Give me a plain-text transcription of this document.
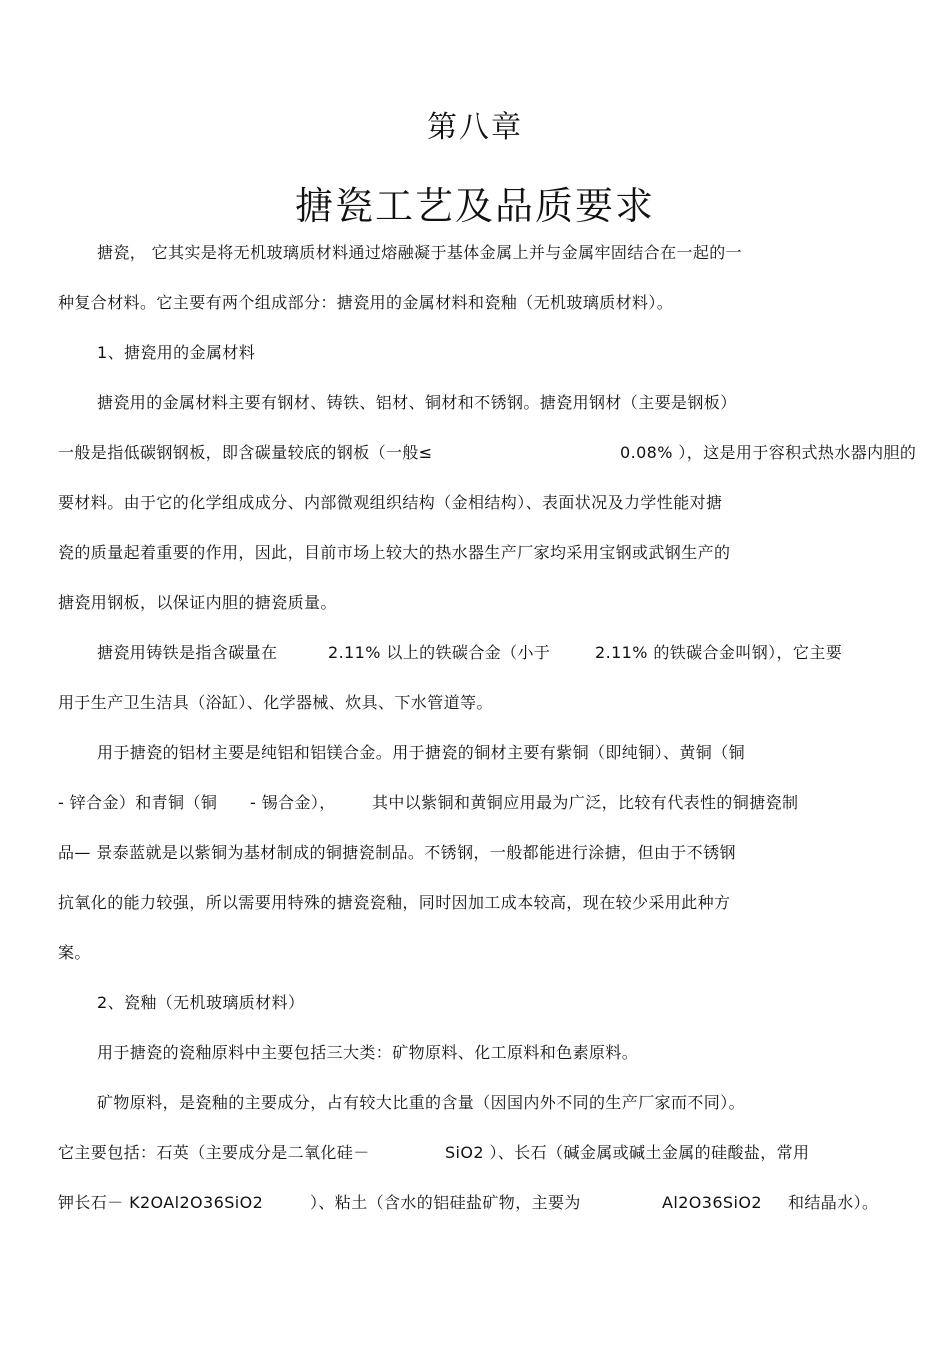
第八章
搪瓷工艺及品质要求
搪瓷， 它其实是将无机玻璃质材料通过熔融凝于基体金属上并与金属牢固结合在一起的一
种复合材料。它主要有两个组成部分：搪瓷用的金属材料和瓷釉（无机玻璃质材料）。
1、搪瓷用的金属材料
搪瓷用的金属材料主要有钢材、铸铁、铝材、铜材和不锈钢。搪瓷用钢材（主要是钢板）
一般是指低碳钢钢板，即含碳量较底的钢板（一般≤	0.08% ），这是用于容积式热水器内胆的
要材料。由于它的化学组成成分、内部微观组织结构（金相结构）、表面状况及力学性能对搪
瓷的质量起着重要的作用，因此，目前市场上较大的热水器生产厂家均采用宝钢或武钢生产的
搪瓷用钢板，以保证内胆的搪瓷质量。
搪瓷用铸铁是指含碳量在	2.11% 以上的铁碳合金（小于	2.11% 的铁碳合金叫钢），它主要
用于生产卫生洁具（浴缸）、化学器械、炊具、下水管道等。
用于搪瓷的铝材主要是纯铝和铝镁合金。用于搪瓷的铜材主要有紫铜（即纯铜）、黄铜（铜
- 锌合金）和青铜（铜 - 锡合金）， 其中以紫铜和黄铜应用最为广泛，比较有代表性的铜搪瓷制
品— 景泰蓝就是以紫铜为基材制成的铜搪瓷制品。不锈钢，一般都能进行涂搪，但由于不锈钢
抗氧化的能力较强，所以需要用特殊的搪瓷瓷釉，同时因加工成本较高，现在较少采用此种方
案。
2、瓷釉（无机玻璃质材料）
用于搪瓷的瓷釉原料中主要包括三大类：矿物原料、化工原料和色素原料。
矿物原料，是瓷釉的主要成分，占有较大比重的含量（因国内外不同的生产厂家而不同）。
它主要包括：石英（主要成分是二氧化硅－	SiO2 ）、长石（碱金属或碱土金属的硅酸盐，常用
钾长石－ K2OAl2O36SiO2	）、粘土（含水的铝硅盐矿物，主要为	Al2O36SiO2 和结晶水）。
